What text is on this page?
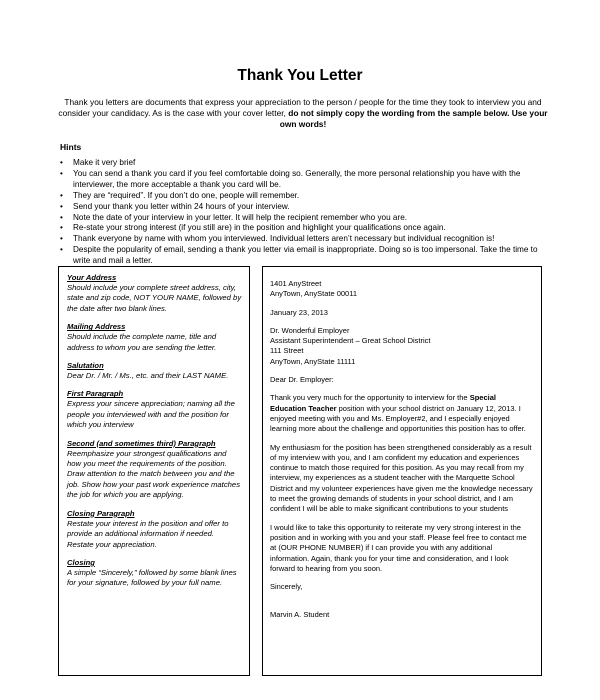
Thank You Letter

Thank you letters are documents that express your appreciation to the person / people for the time they took to interview you and consider your candidacy. As is the case with your cover letter, do not simply copy the wording from the sample below. Use your own words!

Hints
• Make it very brief
• You can send a thank you card if you feel comfortable doing so. Generally, the more personal relationship you have with the interviewer, the more acceptable a thank you card will be.
• They are “required”. If you don’t do one, people will remember.
• Send your thank you letter within 24 hours of your interview.
• Note the date of your interview in your letter. It will help the recipient remember who you are.
• Re-state your strong interest (if you still are) in the position and highlight your qualifications once again.
• Thank everyone by name with whom you interviewed. Individual letters aren’t necessary but individual recognition is!
• Despite the popularity of email, sending a thank you letter via email is inappropriate. Doing so is too impersonal. Take the time to write and mail a letter.
Your Address
Should include your complete street address, city, state and zip code, NOT YOUR NAME, followed by the date after two blank lines.
Mailing Address
Should include the complete name, title and address to whom you are sending the letter.
Salutation
Dear Dr. / Mr. / Ms., etc. and their LAST NAME.
First Paragraph
Express your sincere appreciation; naming all the people you interviewed with and the position for which you interview
Second (and sometimes third) Paragraph
Reemphasize your strongest qualifications and how you meet the requirements of the position. Draw attention to the match between you and the job. Show how your past work experience matches the job for which you are applying.
Closing Paragraph
Restate your interest in the position and offer to provide an additional information if needed. Restate your appreciation.
Closing
A simple “Sincerely,” followed by some blank lines for your signature, followed by your full name.
1401 AnyStreet
AnyTown, AnyState 00011
January 23, 2013
Dr. Wonderful Employer
Assistant Superintendent – Great School District
111 Street
AnyTown, AnyState 11111
Dear Dr. Employer:
Thank you very much for the opportunity to interview for the Special Education Teacher position with your school district on January 12, 2013. I enjoyed meeting with you and Ms. Employer#2, and I especially enjoyed learning more about the challenge and opportunities this position has to offer.
My enthusiasm for the position has been strengthened considerably as a result of my interview with you, and I am confident my education and experiences continue to match those required for this position. As you may recall from my interview, my experiences as a student teacher with the Marquette School District and my volunteer experiences have given me the knowledge necessary to meet the growing demands of students in your school district, and I am confident I will be able to make significant contributions to your students
I would like to take this opportunity to reiterate my very strong interest in the position and in working with you and your staff. Please feel free to contact me at (OUR PHONE NUMBER) if I can provide you with any additional information. Again, thank you for your time and consideration, and I look forward to hearing from you soon.
Sincerely,
Marvin A. Student
